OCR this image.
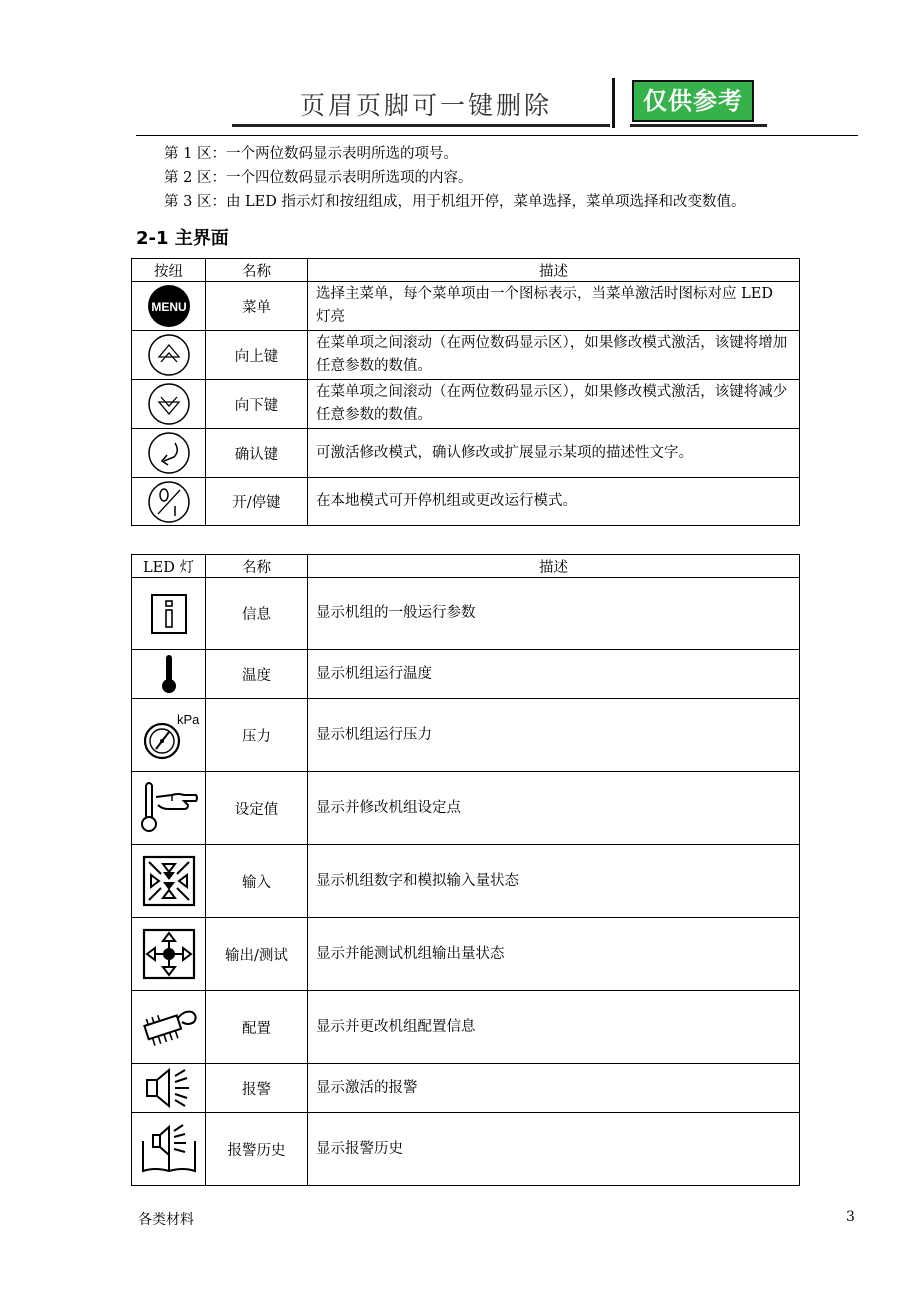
页眉页脚可一键删除	仅供参考
第 1 区：一个两位数码显示表明所选的项号。
第 2 区：一个四位数码显示表明所选项的内容。
第 3 区：由 LED 指示灯和按纽组成，用于机组开停，菜单选择，菜单项选择和改变数值。
2-1 主界面
按纽	名称	描述

MENU	菜单	选择主菜单，每个菜单项由一个图标表示，当菜单激活时图标对应 LED 灯亮

	向上键	在菜单项之间滚动（在两位数码显示区），如果修改模式激活，该键将增加任意参数的数值。

	向下键	在菜单项之间滚动（在两位数码显示区），如果修改模式激活，该键将减少任意参数的数值。

	确认键	可激活修改模式，确认修改或扩展显示某项的描述性文字。

	开/停键	在本地模式可开停机组或更改运行模式。
LED 灯	名称	描述

	信息	显示机组的一般运行参数

	温度	显示机组运行温度

kPa	压力	显示机组运行压力

	设定值	显示并修改机组设定点

	输入	显示机组数字和模拟输入量状态

	输出/测试	显示并能测试机组输出量状态

	配置	显示并更改机组配置信息

	报警	显示激活的报警

	报警历史	显示报警历史
各类材料	3
